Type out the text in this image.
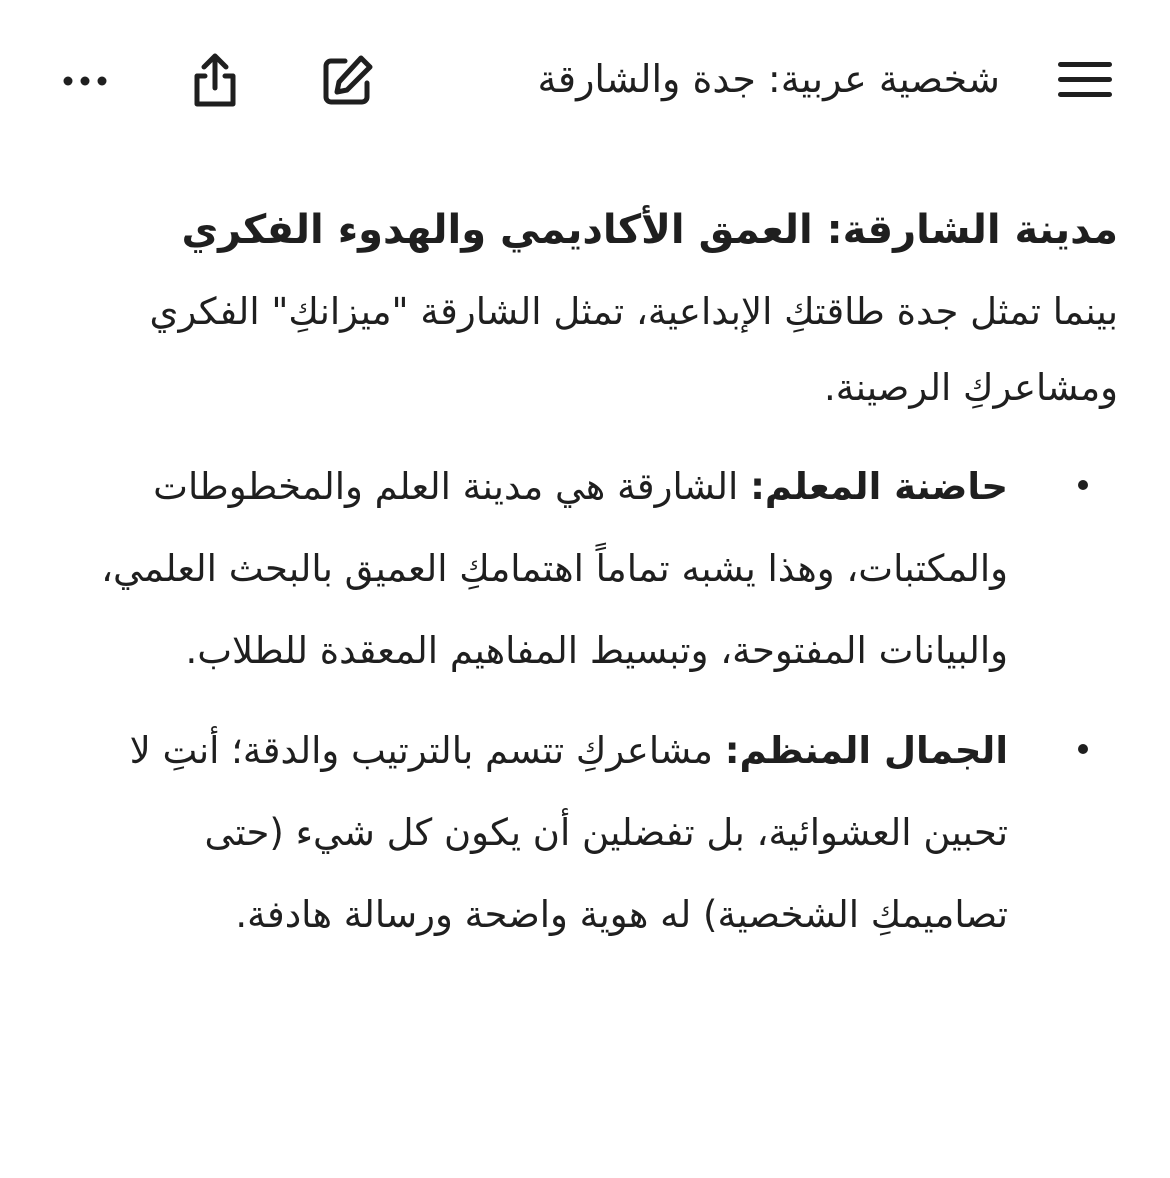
شخصية عربية: جدة والشارقة
مدينة الشارقة: العمق الأكاديمي والهدوء الفكري

بينما تمثل جدة طاقتكِ الإبداعية، تمثل الشارقة "ميزانكِ" الفكري ومشاعركِ الرصينة.

حاضنة المعلم: الشارقة هي مدينة العلم والمخطوطات والمكتبات، وهذا يشبه تماماً اهتمامكِ العميق بالبحث العلمي، والبيانات المفتوحة، وتبسيط المفاهيم المعقدة للطلاب.
الجمال المنظم: مشاعركِ تتسم بالترتيب والدقة؛ أنتِ لا تحبين العشوائية، بل تفضلين أن يكون كل شيء (حتى تصاميمكِ الشخصية) له هوية واضحة ورسالة هادفة.
